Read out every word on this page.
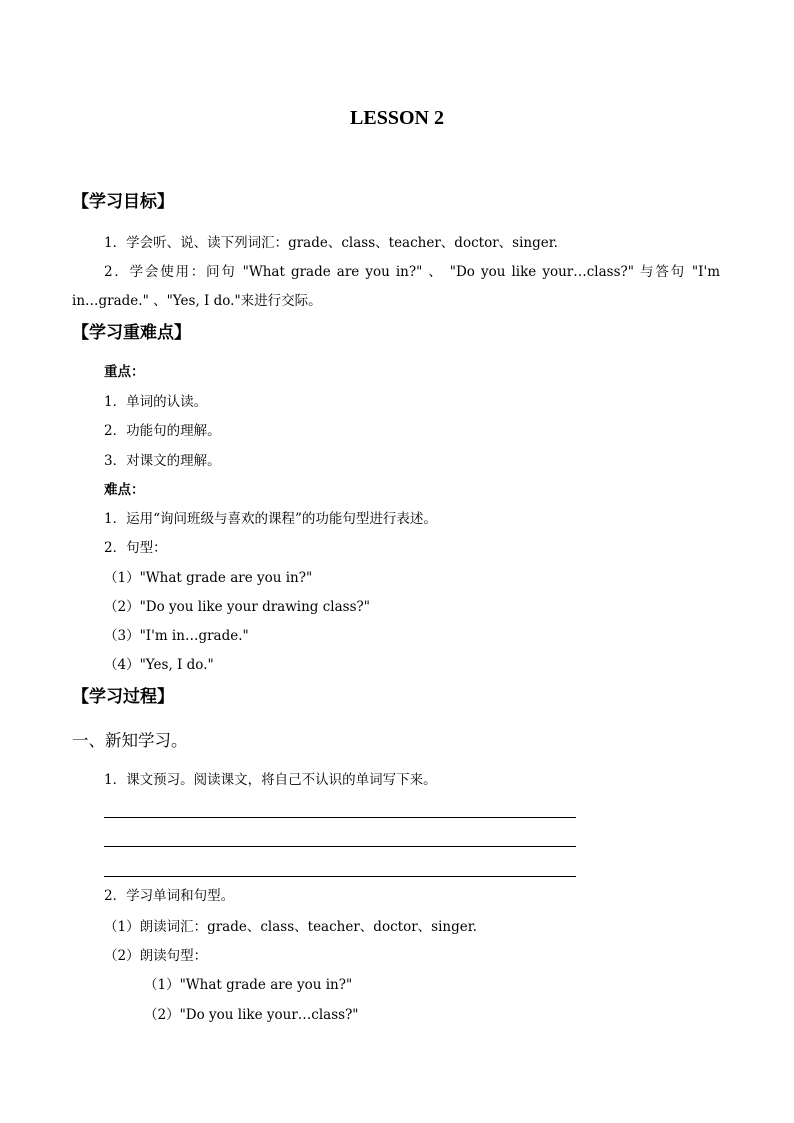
LESSON 2
【学习目标】
1．学会听、说、读下列词汇：grade、class、teacher、doctor、singer.
2．学会使用：问句 "What grade are you in?" 、 "Do you like your…class?" 与答句 "I'm
in…grade." 、"Yes, I do."来进行交际。
【学习重难点】
重点：
1．单词的认读。
2．功能句的理解。
3．对课文的理解。
难点：
1．运用“询问班级与喜欢的课程”的功能句型进行表述。
2．句型：
（1）"What grade are you in?"
（2）"Do you like your drawing class?"
（3）"I'm in…grade."
（4）"Yes, I do."
【学习过程】
一、新知学习。
1．课文预习。阅读课文，将自己不认识的单词写下来。
2．学习单词和句型。
（1）朗读词汇：grade、class、teacher、doctor、singer.
（2）朗读句型：
（1）"What grade are you in?"
（2）"Do you like your…class?"
